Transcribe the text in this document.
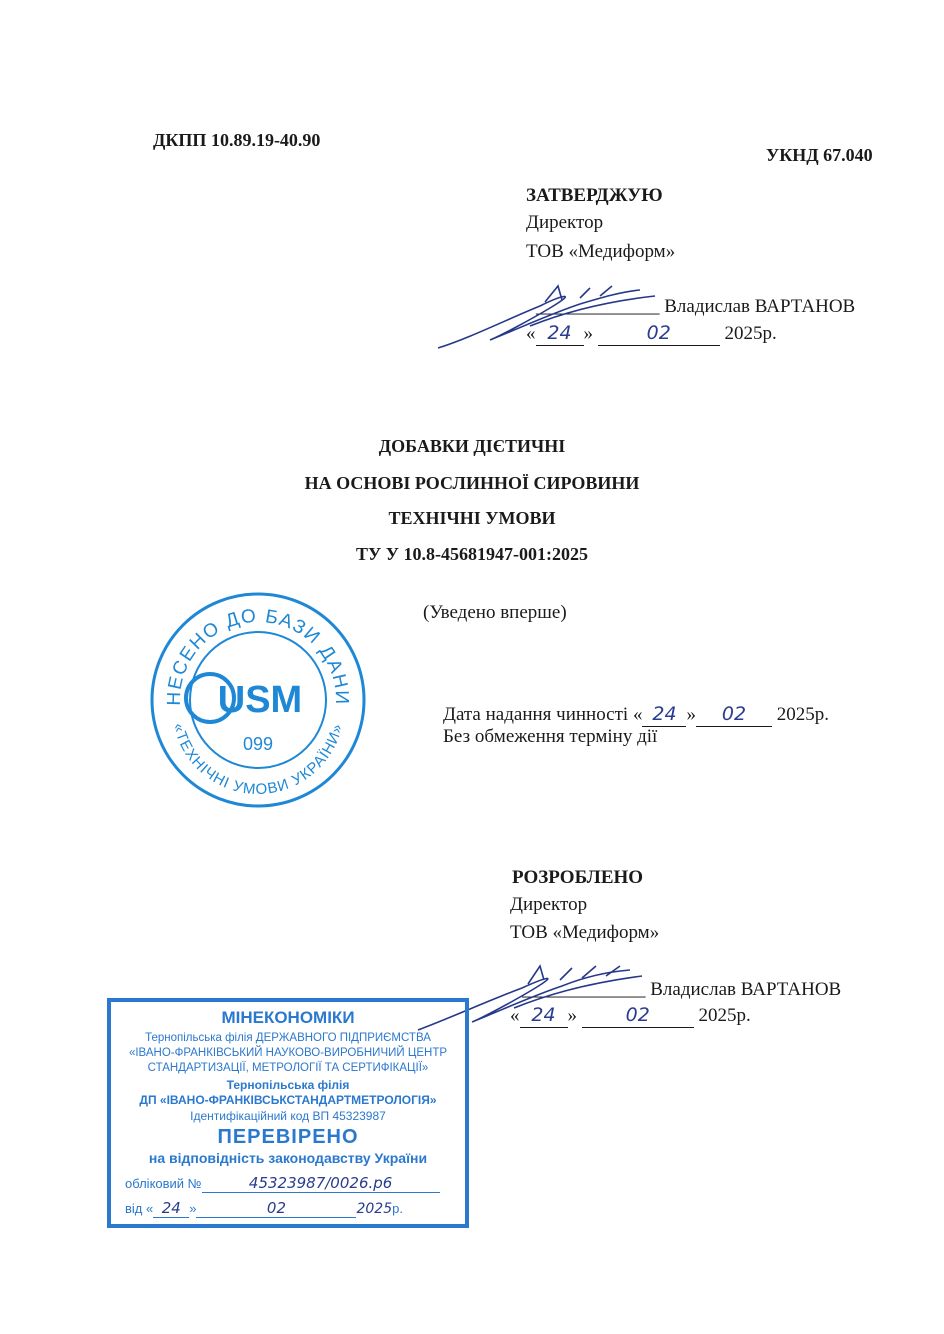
ДКПП 10.89.19-40.90
УКНД 67.040
ЗАТВЕРДЖУЮ
Директор
ТОВ «Медиформ»
_____________ Владислав ВАРТАНОВ
« 24 »	02	2025р.
ДОБАВКИ ДІЄТИЧНІ
НА ОСНОВІ РОСЛИННОЇ СИРОВИНИ
ТЕХНІЧНІ УМОВИ
ТУ У 10.8-45681947-001:2025
(Уведено вперше)
НЕСЕНО ДО БАЗИ ДАНИ
«ТЕХНІЧНІ УМОВИ УКРАЇНИ»
USM
099
Дата надання чинності « 24 » 02 2025р.
Без обмеження терміну дії
РОЗРОБЛЕНО
Директор
ТОВ «Медиформ»
_____________ Владислав ВАРТАНОВ
« 24 »	02	2025р.
МІНЕКОНОМІКИ
Тернопільська філія ДЕРЖАВНОГО ПІДПРИЄМСТВА
«ІВАНО-ФРАНКІВСЬКИЙ НАУКОВО-ВИРОБНИЧИЙ ЦЕНТР
СТАНДАРТИЗАЦІЇ, МЕТРОЛОГІЇ ТА СЕРТИФІКАЦІЇ»
Тернопільська філія
ДП «ІВАНО-ФРАНКІВСЬКСТАНДАРТМЕТРОЛОГІЯ»
Ідентифікаційний код ВП 45323987
ПЕРЕВІРЕНО
на відповідність законодавству України
обліковий №	45323987/0026.р6
від « 24 »	02	2025р.
